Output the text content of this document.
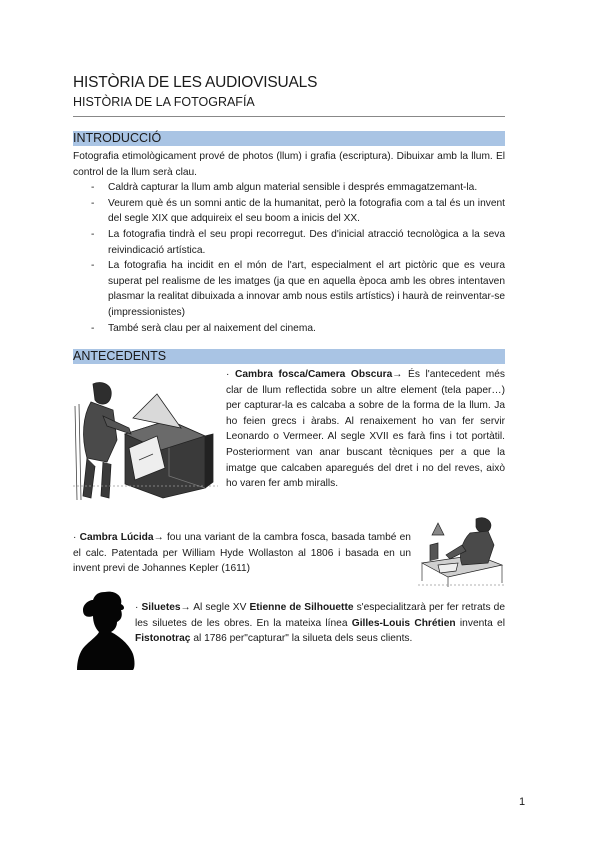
HISTÒRIA DE LES AUDIOVISUALS
HISTÒRIA DE LA FOTOGRAFÍA
INTRODUCCIÓ
Fotografia etimològicament prové de photos (llum) i grafia (escriptura). Dibuixar amb la llum. El control de la llum serà clau.
- Caldrà capturar la llum amb algun material sensible i després emmagatzemant-la.
- Veurem què és un somni antic de la humanitat, però la fotografia com a tal és un invent del segle XIX que adquireix el seu boom a inicis del XX.
- La fotografia tindrà el seu propi recorregut. Des d'inicial atracció tecnològica a la seva reivindicació artística.
- La fotografia ha incidit en el món de l'art, especialment el art pictòric que es veura superat pel realisme de les imatges (ja que en aquella època amb les obres intentaven plasmar la realitat dibuixada a innovar amb nous estils artístics) i haurà de reinventar-se (impressionistes)
- També serà clau per al naixement del cinema.
ANTECEDENTS
· Cambra fosca/Camera Obscura→ És l'antecedent més clar de llum reflectida sobre un altre element (tela paper…) per capturar-la es calcaba a sobre de la forma de la llum. Ja ho feien grecs i àrabs. Al renaixement ho van fer servir Leonardo o Vermeer. Al segle XVII es farà fins i tot portàtil. Posteriorment van anar buscant tècniques per a que la imatge que calcaben aparegués del dret i no del reves, això ho varen fer amb miralls.
· Cambra Lúcida→ fou una variant de la cambra fosca, basada també en el calc. Patentada per William Hyde Wollaston al 1806 i basada en un invent previ de Johannes Kepler (1611)
· Siluetes→ Al segle XV Etienne de Silhouette s'especialitzarà per fer retrats de les siluetes de les obres. En la mateixa línea Gilles-Louis Chrétien inventa el Fistonotraç al 1786 per"capturar" la silueta dels seus clients.
1
